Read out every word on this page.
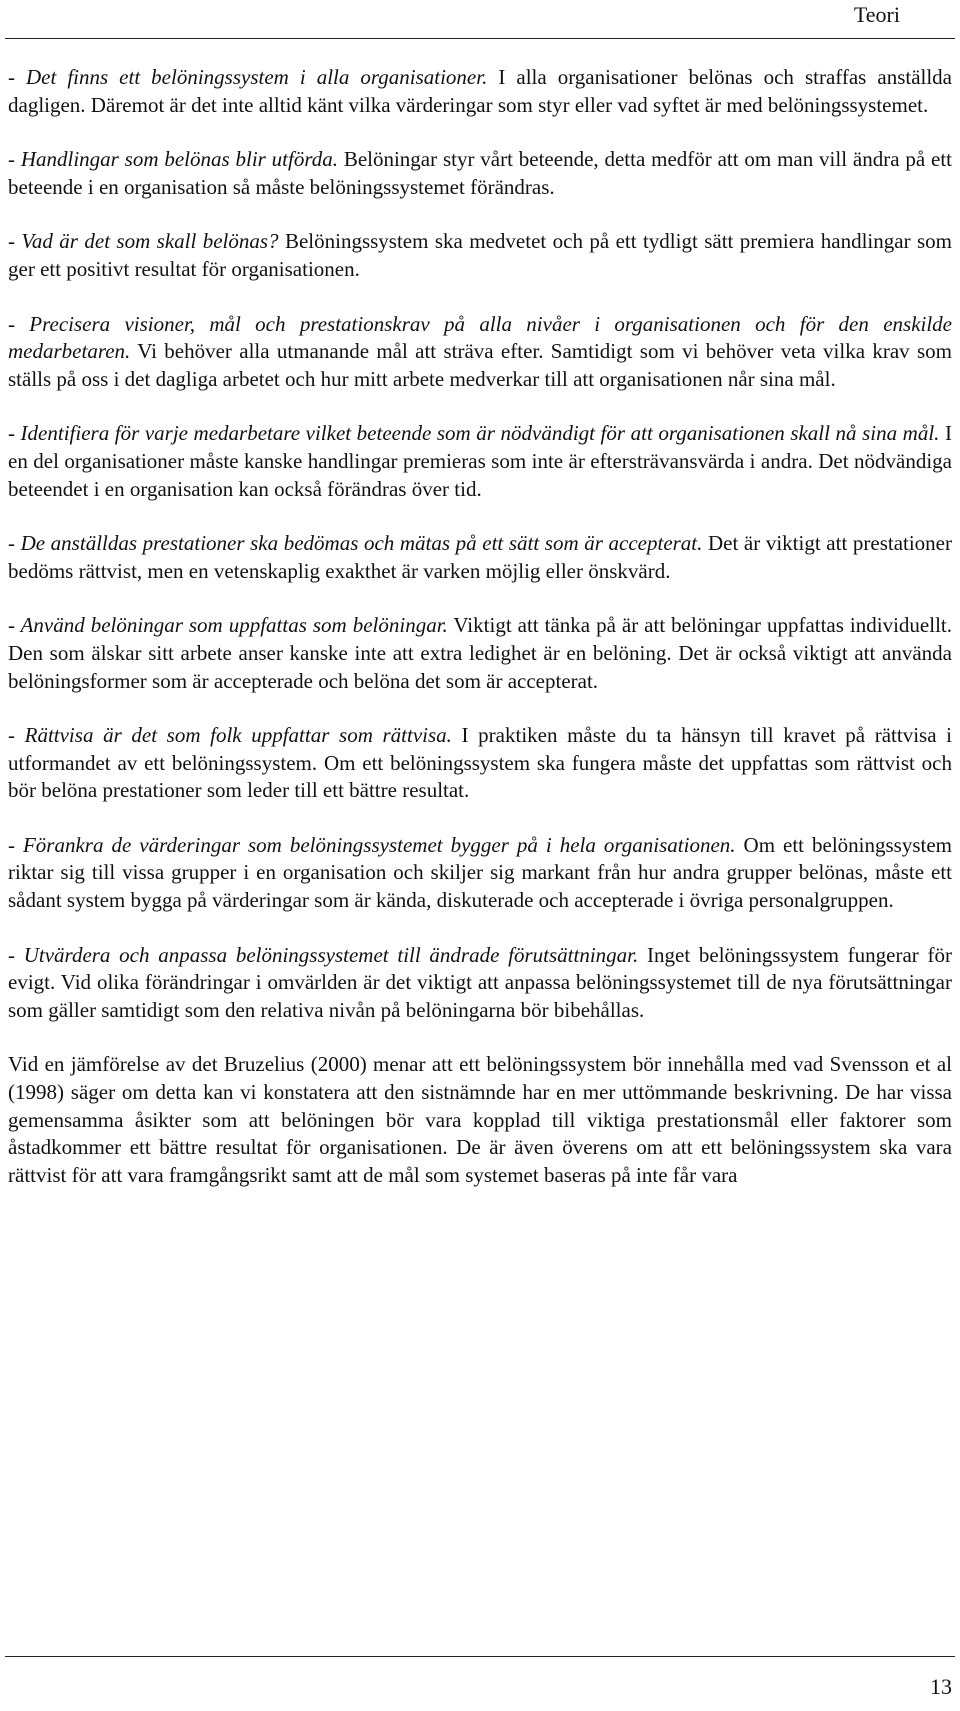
Teori

- Det finns ett belöningssystem i alla organisationer. I alla organisationer belönas och straffas anställda dagligen. Däremot är det inte alltid känt vilka värderingar som styr eller vad syftet är med belöningssystemet.

- Handlingar som belönas blir utförda. Belöningar styr vårt beteende, detta medför att om man vill ändra på ett beteende i en organisation så måste belöningssystemet förändras.

- Vad är det som skall belönas? Belöningssystem ska medvetet och på ett tydligt sätt premiera handlingar som ger ett positivt resultat för organisationen.

- Precisera visioner, mål och prestationskrav på alla nivåer i organisationen och för den enskilde medarbetaren. Vi behöver alla utmanande mål att sträva efter. Samtidigt som vi behöver veta vilka krav som ställs på oss i det dagliga arbetet och hur mitt arbete medverkar till att organisationen når sina mål.

- Identifiera för varje medarbetare vilket beteende som är nödvändigt för att organisationen skall nå sina mål. I en del organisationer måste kanske handlingar premieras som inte är eftersträvansvärda i andra. Det nödvändiga beteendet i en organisation kan också förändras över tid.

- De anställdas prestationer ska bedömas och mätas på ett sätt som är accepterat. Det är viktigt att prestationer bedöms rättvist, men en vetenskaplig exakthet är varken möjlig eller önskvärd.

- Använd belöningar som uppfattas som belöningar. Viktigt att tänka på är att belöningar uppfattas individuellt. Den som älskar sitt arbete anser kanske inte att extra ledighet är en belöning. Det är också viktigt att använda belöningsformer som är accepterade och belöna det som är accepterat.

- Rättvisa är det som folk uppfattar som rättvisa. I praktiken måste du ta hänsyn till kravet på rättvisa i utformandet av ett belöningssystem. Om ett belöningssystem ska fungera måste det uppfattas som rättvist och bör belöna prestationer som leder till ett bättre resultat.

- Förankra de värderingar som belöningssystemet bygger på i hela organisationen. Om ett belöningssystem riktar sig till vissa grupper i en organisation och skiljer sig markant från hur andra grupper belönas, måste ett sådant system bygga på värderingar som är kända, diskuterade och accepterade i övriga personalgruppen.

- Utvärdera och anpassa belöningssystemet till ändrade förutsättningar. Inget belöningssystem fungerar för evigt. Vid olika förändringar i omvärlden är det viktigt att anpassa belöningssystemet till de nya förutsättningar som gäller samtidigt som den relativa nivån på belöningarna bör bibehållas.

Vid en jämförelse av det Bruzelius (2000) menar att ett belöningssystem bör innehålla med vad Svensson et al (1998) säger om detta kan vi konstatera att den sistnämnde har en mer uttömmande beskrivning. De har vissa gemensamma åsikter som att belöningen bör vara kopplad till viktiga prestationsmål eller faktorer som åstadkommer ett bättre resultat för organisationen. De är även överens om att ett belöningssystem ska vara rättvist för att vara framgångsrikt samt att de mål som systemet baseras på inte får vara

13
